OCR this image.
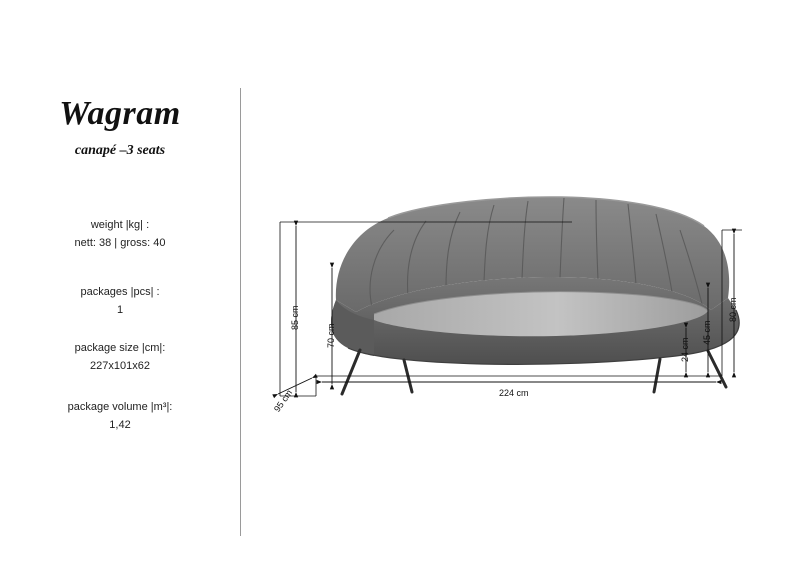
Wagram
canapé –3 seats
weight |kg| :
nett: 38 | gross: 40
packages |pcs| :
1
package size |cm|:
227x101x62
package volume |m³|:
1,42
85 cm
70 cm
95 cm	224 cm
24 cm
45 cm
80 cm
